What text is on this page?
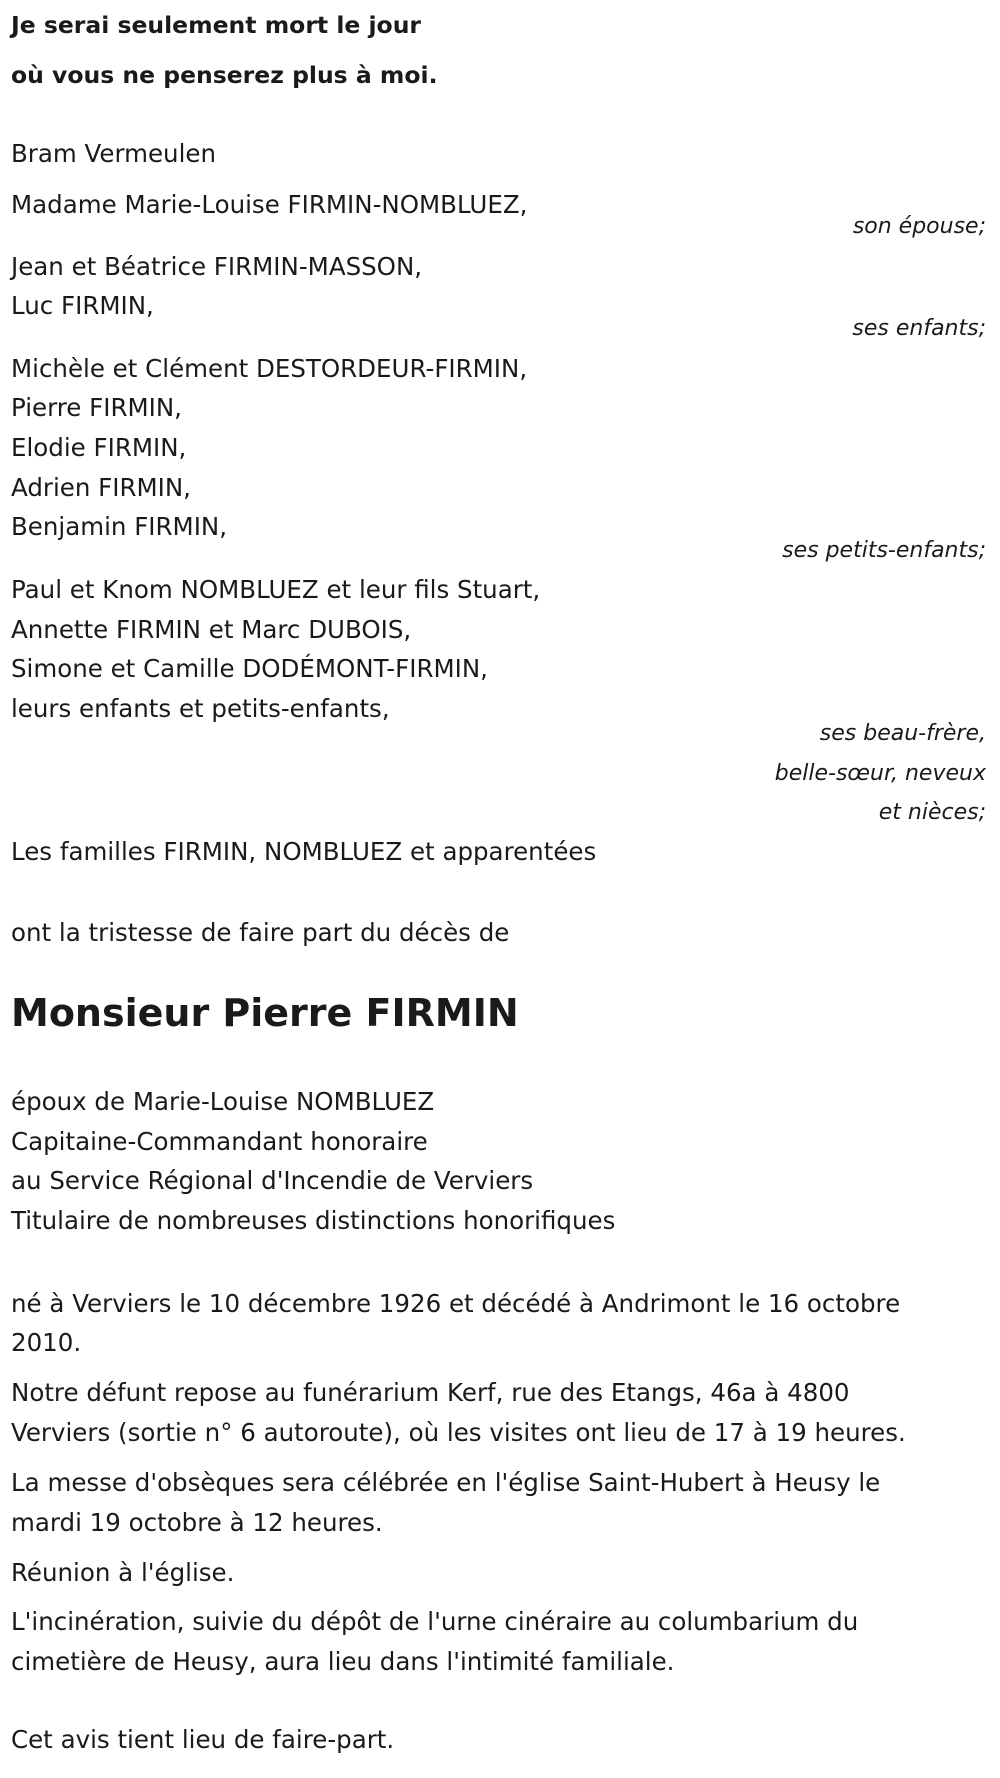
Je serai seulement mort le jour
où vous ne penserez plus à moi.
Bram Vermeulen
Madame Marie-Louise FIRMIN-NOMBLUEZ,
son épouse;
Jean et Béatrice FIRMIN-MASSON,
Luc FIRMIN,
ses enfants;
Michèle et Clément DESTORDEUR-FIRMIN,
Pierre FIRMIN,
Elodie FIRMIN,
Adrien FIRMIN,
Benjamin FIRMIN,
ses petits-enfants;
Paul et Knom NOMBLUEZ et leur fils Stuart,
Annette FIRMIN et Marc DUBOIS,
Simone et Camille DODÉMONT-FIRMIN,
leurs enfants et petits-enfants,
ses beau-frère,
belle-sœur, neveux
et nièces;
Les familles FIRMIN, NOMBLUEZ et apparentées
ont la tristesse de faire part du décès de
Monsieur Pierre FIRMIN
époux de Marie-Louise NOMBLUEZ
Capitaine-Commandant honoraire
au Service Régional d'Incendie de Verviers
Titulaire de nombreuses distinctions honorifiques
né à Verviers le 10 décembre 1926 et décédé à Andrimont le 16 octobre
2010.
Notre défunt repose au funérarium Kerf, rue des Etangs, 46a à 4800
Verviers (sortie n° 6 autoroute), où les visites ont lieu de 17 à 19 heures.
La messe d'obsèques sera célébrée en l'église Saint-Hubert à Heusy le
mardi 19 octobre à 12 heures.
Réunion à l'église.
L'incinération, suivie du dépôt de l'urne cinéraire au columbarium du
cimetière de Heusy, aura lieu dans l'intimité familiale.
Cet avis tient lieu de faire-part.
